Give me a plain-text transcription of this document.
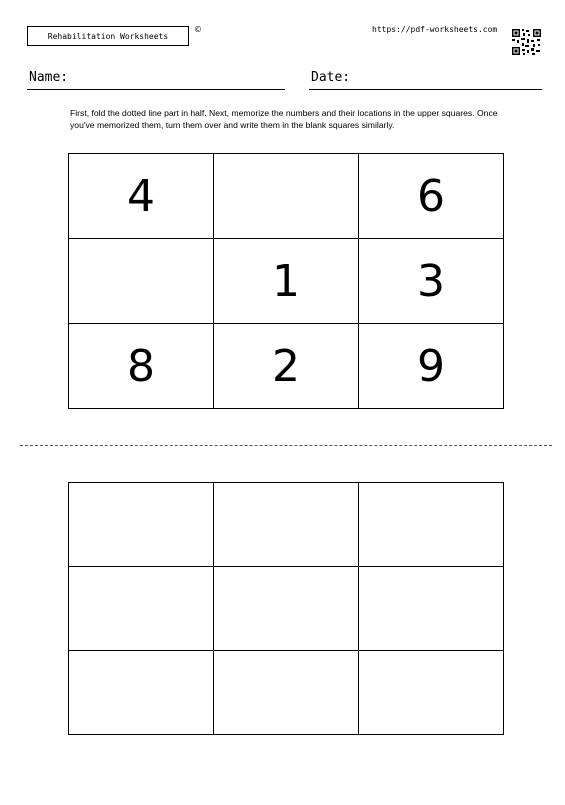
Rehabilitation Worksheets
©	https://pdf-worksheets.com
Name:	Date:
First, fold the dotted line part in half. Next, memorize the numbers and their locations in the upper squares. Once you've memorized them, turn them over and write them in the blank squares similarly.
4		6
	1	3
8	2	9
